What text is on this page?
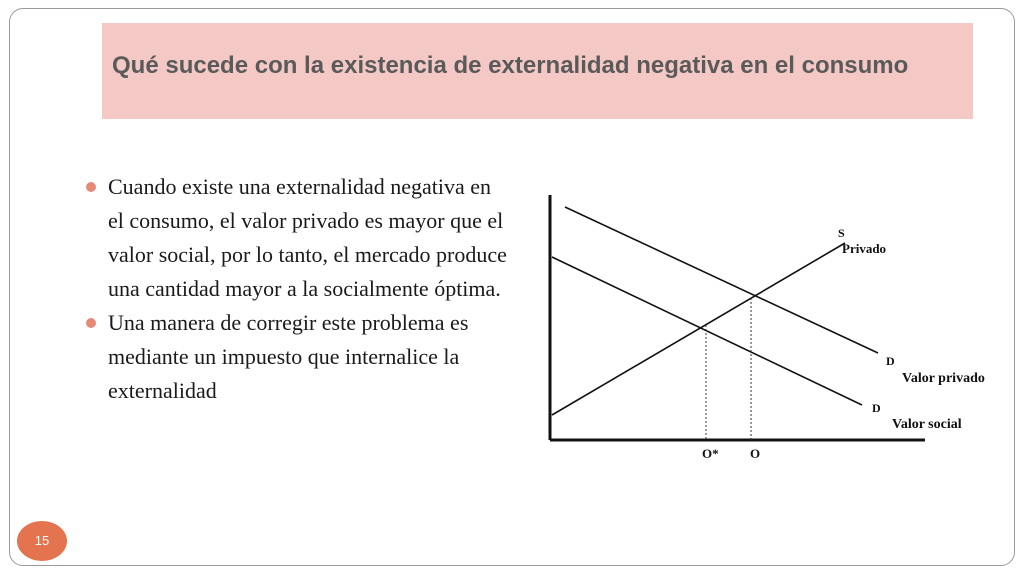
Qué sucede con la existencia de externalidad negativa en el consumo

Cuando existe una externalidad negativa en el consumo, el valor privado es mayor que el valor social, por lo tanto, el mercado produce una cantidad mayor a la socialmente óptima.
Una manera de corregir este problema es mediante un impuesto que internalice la externalidad
S
Privado
D
Valor privado
D
Valor social
O* O
15
